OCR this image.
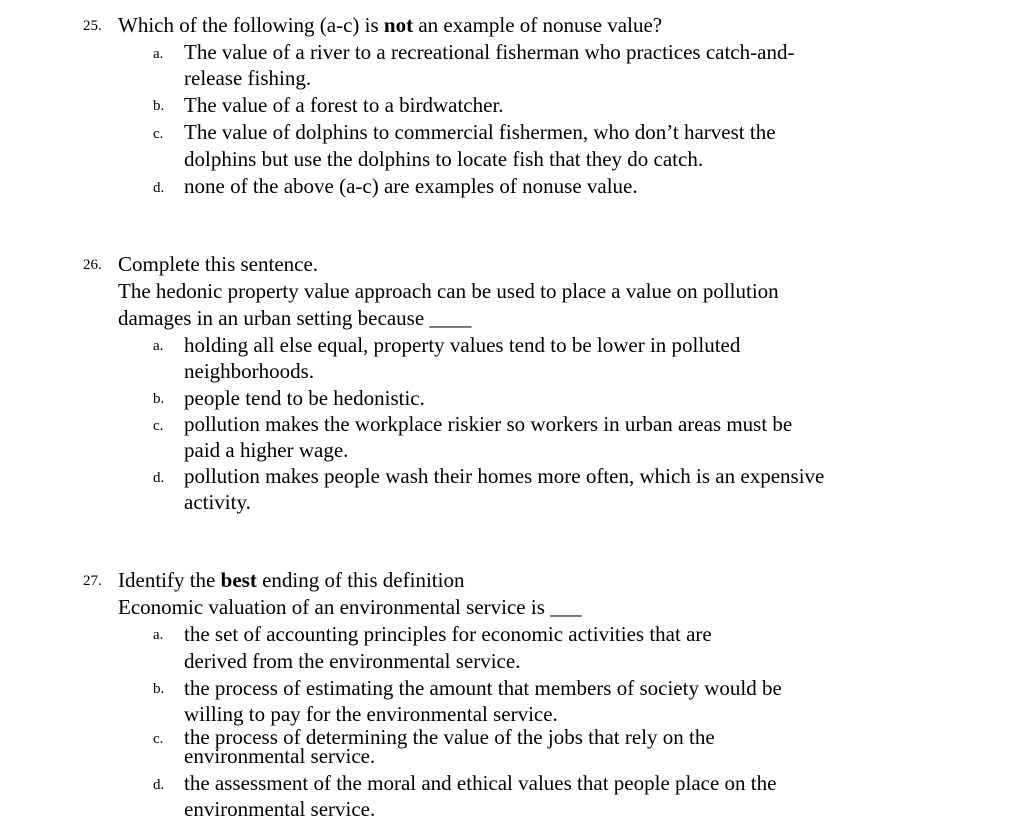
25. Which of the following (a-c) is not an example of nonuse value?
a. The value of a river to a recreational fisherman who practices catch-and-
release fishing.
b. The value of a forest to a birdwatcher.
c. The value of dolphins to commercial fishermen, who don’t harvest the
dolphins but use the dolphins to locate fish that they do catch.
d. none of the above (a-c) are examples of nonuse value.
26. Complete this sentence.
The hedonic property value approach can be used to place a value on pollution
damages in an urban setting because ____
a. holding all else equal, property values tend to be lower in polluted
neighborhoods.
b. people tend to be hedonistic.
c. pollution makes the workplace riskier so workers in urban areas must be
paid a higher wage.
d. pollution makes people wash their homes more often, which is an expensive
activity.
27. Identify the best ending of this definition
Economic valuation of an environmental service is ___
a. the set of accounting principles for economic activities that are
derived from the environmental service.
b. the process of estimating the amount that members of society would be
willing to pay for the environmental service.
c. the process of determining the value of the jobs that rely on the
environmental service.
d. the assessment of the moral and ethical values that people place on the
environmental service.
